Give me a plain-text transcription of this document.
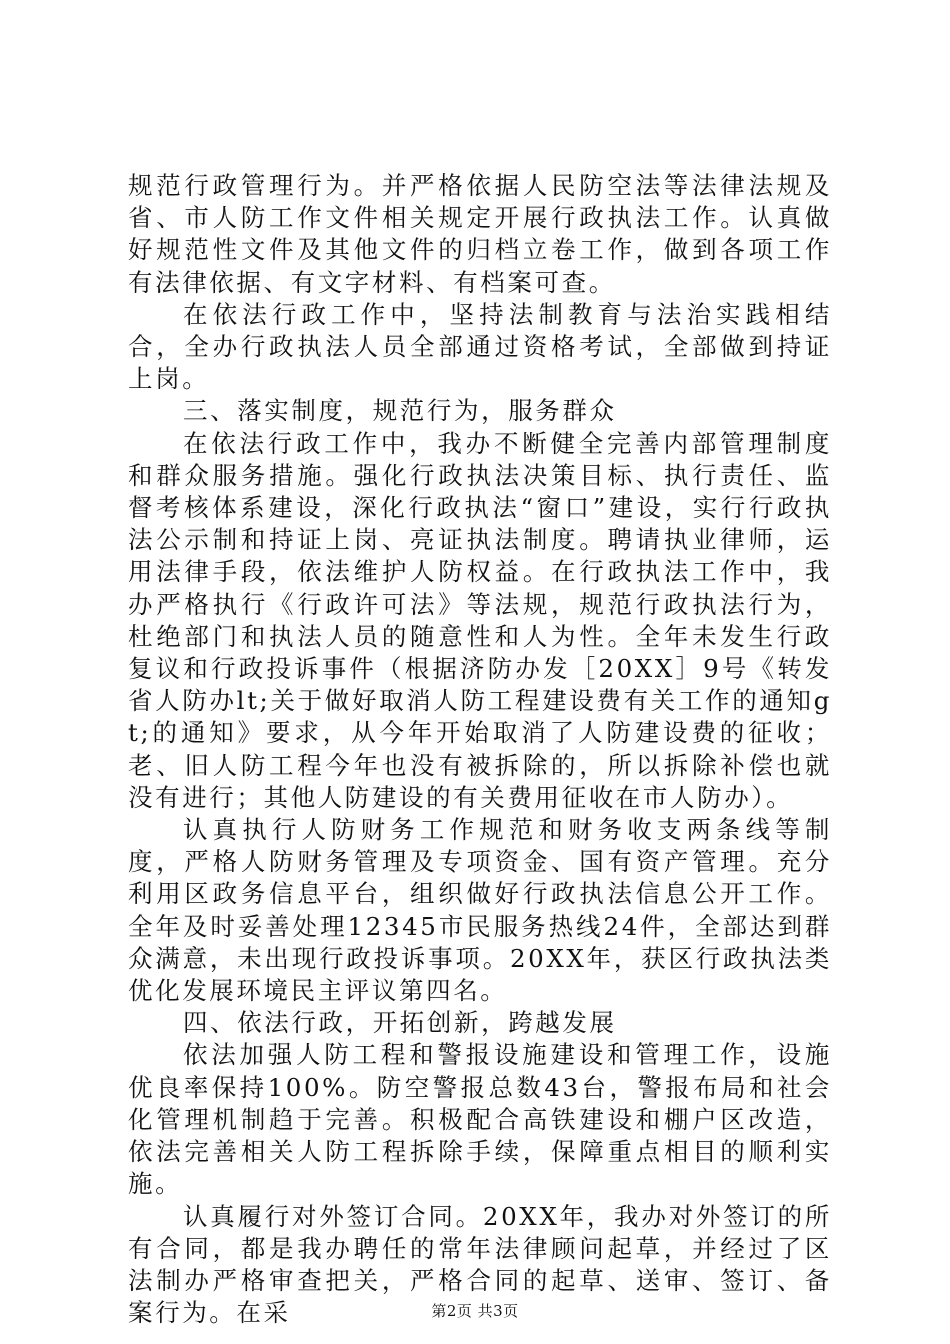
规范行政管理行为。并严格依据人民防空法等法律法规及省、市人防工作文件相关规定开展行政执法工作。认真做好规范性文件及其他文件的归档立卷工作，做到各项工作有法律依据、有文字材料、有档案可查。

在依法行政工作中，坚持法制教育与法治实践相结合，全办行政执法人员全部通过资格考试，全部做到持证上岗。

三、落实制度，规范行为，服务群众

在依法行政工作中，我办不断健全完善内部管理制度和群众服务措施。强化行政执法决策目标、执行责任、监督考核体系建设，深化行政执法“窗口”建设，实行行政执法公示制和持证上岗、亮证执法制度。聘请执业律师，运用法律手段，依法维护人防权益。在行政执法工作中，我办严格执行《行政许可法》等法规，规范行政执法行为，杜绝部门和执法人员的随意性和人为性。全年未发生行政复议和行政投诉事件（根据济防办发［20XX］9号《转发省人防办lt;关于做好取消人防工程建设费有关工作的通知gt;的通知》要求，从今年开始取消了人防建设费的征收；老、旧人防工程今年也没有被拆除的，所以拆除补偿也就没有进行；其他人防建设的有关费用征收在市人防办）。

认真执行人防财务工作规范和财务收支两条线等制度，严格人防财务管理及专项资金、国有资产管理。充分利用区政务信息平台，组织做好行政执法信息公开工作。全年及时妥善处理12345市民服务热线24件，全部达到群众满意，未出现行政投诉事项。20XX年，获区行政执法类优化发展环境民主评议第四名。

四、依法行政，开拓创新，跨越发展

依法加强人防工程和警报设施建设和管理工作，设施优良率保持100%。防空警报总数43台，警报布局和社会化管理机制趋于完善。积极配合高铁建设和棚户区改造，依法完善相关人防工程拆除手续，保障重点相目的顺利实施。

认真履行对外签订合同。20XX年，我办对外签订的所有合同，都是我办聘任的常年法律顾问起草，并经过了区法制办严格审查把关，严格合同的起草、送审、签订、备案行为。在采	第2页 共3页
